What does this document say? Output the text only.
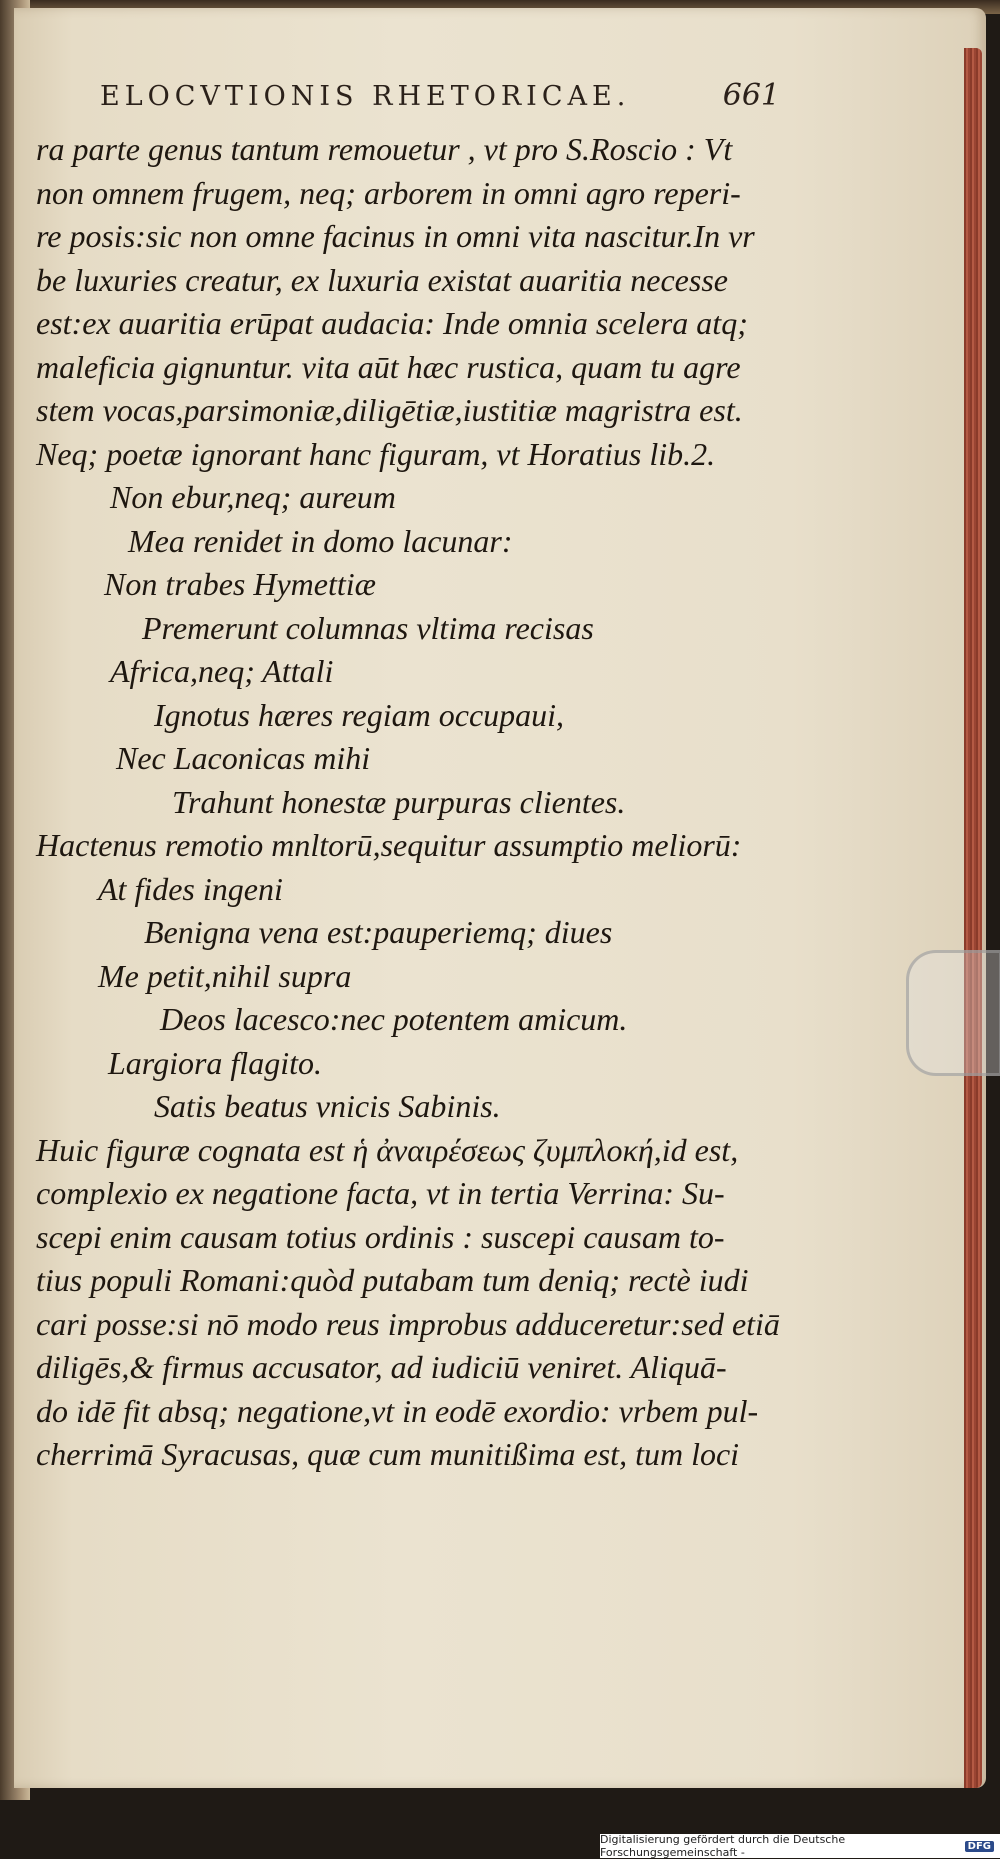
ELOCVTIONIS RHETORICAE.	661
ra parte genus tantum remouetur , vt pro S.Roscio : Vt
non omnem frugem, neq; arborem in omni agro reperi-
re posis:sic non omne facinus in omni vita nascitur.In vr
be luxuries creatur, ex luxuria existat auaritia necesse
est:ex auaritia erūpat audacia: Inde omnia scelera atq;
maleficia gignuntur. vita aūt hæc rustica, quam tu agre
stem vocas,parsimoniæ,diligētiæ,iustitiæ magristra est.
Neq; poetæ ignorant hanc figuram, vt Horatius lib.2.
Non ebur,neq; aureum
Mea renidet in domo lacunar:
Non trabes Hymettiæ
Premerunt columnas vltima recisas
Africa,neq; Attali
Ignotus hæres regiam occupaui,
Nec Laconicas mihi
Trahunt honestæ purpuras clientes.
Hactenus remotio mnltorū,sequitur assumptio meliorū:
At fides ingeni
Benigna vena est:pauperiemq; diues
Me petit,nihil supra
Deos lacesco:nec potentem amicum.
Largiora flagito.
Satis beatus vnicis Sabinis.
Huic figuræ cognata est ἡ ἀναιρέσεως ζυμπλοκή,id est,
complexio ex negatione facta, vt in tertia Verrina: Su-
scepi enim causam totius ordinis : suscepi causam to-
tius populi Romani:quòd putabam tum deniq; rectè iudi
cari posse:si nō modo reus improbus adduceretur:sed etiā
diligēs,& firmus accusator, ad iudiciū veniret. Aliquā-
do idē fit absq; negatione,vt in eodē exordio: vrbem pul-
cherrimā Syracusas, quæ cum munitißima est, tum loci
Digitalisierung gefördert durch die Deutsche Forschungsgemeinschaft -	DFG
